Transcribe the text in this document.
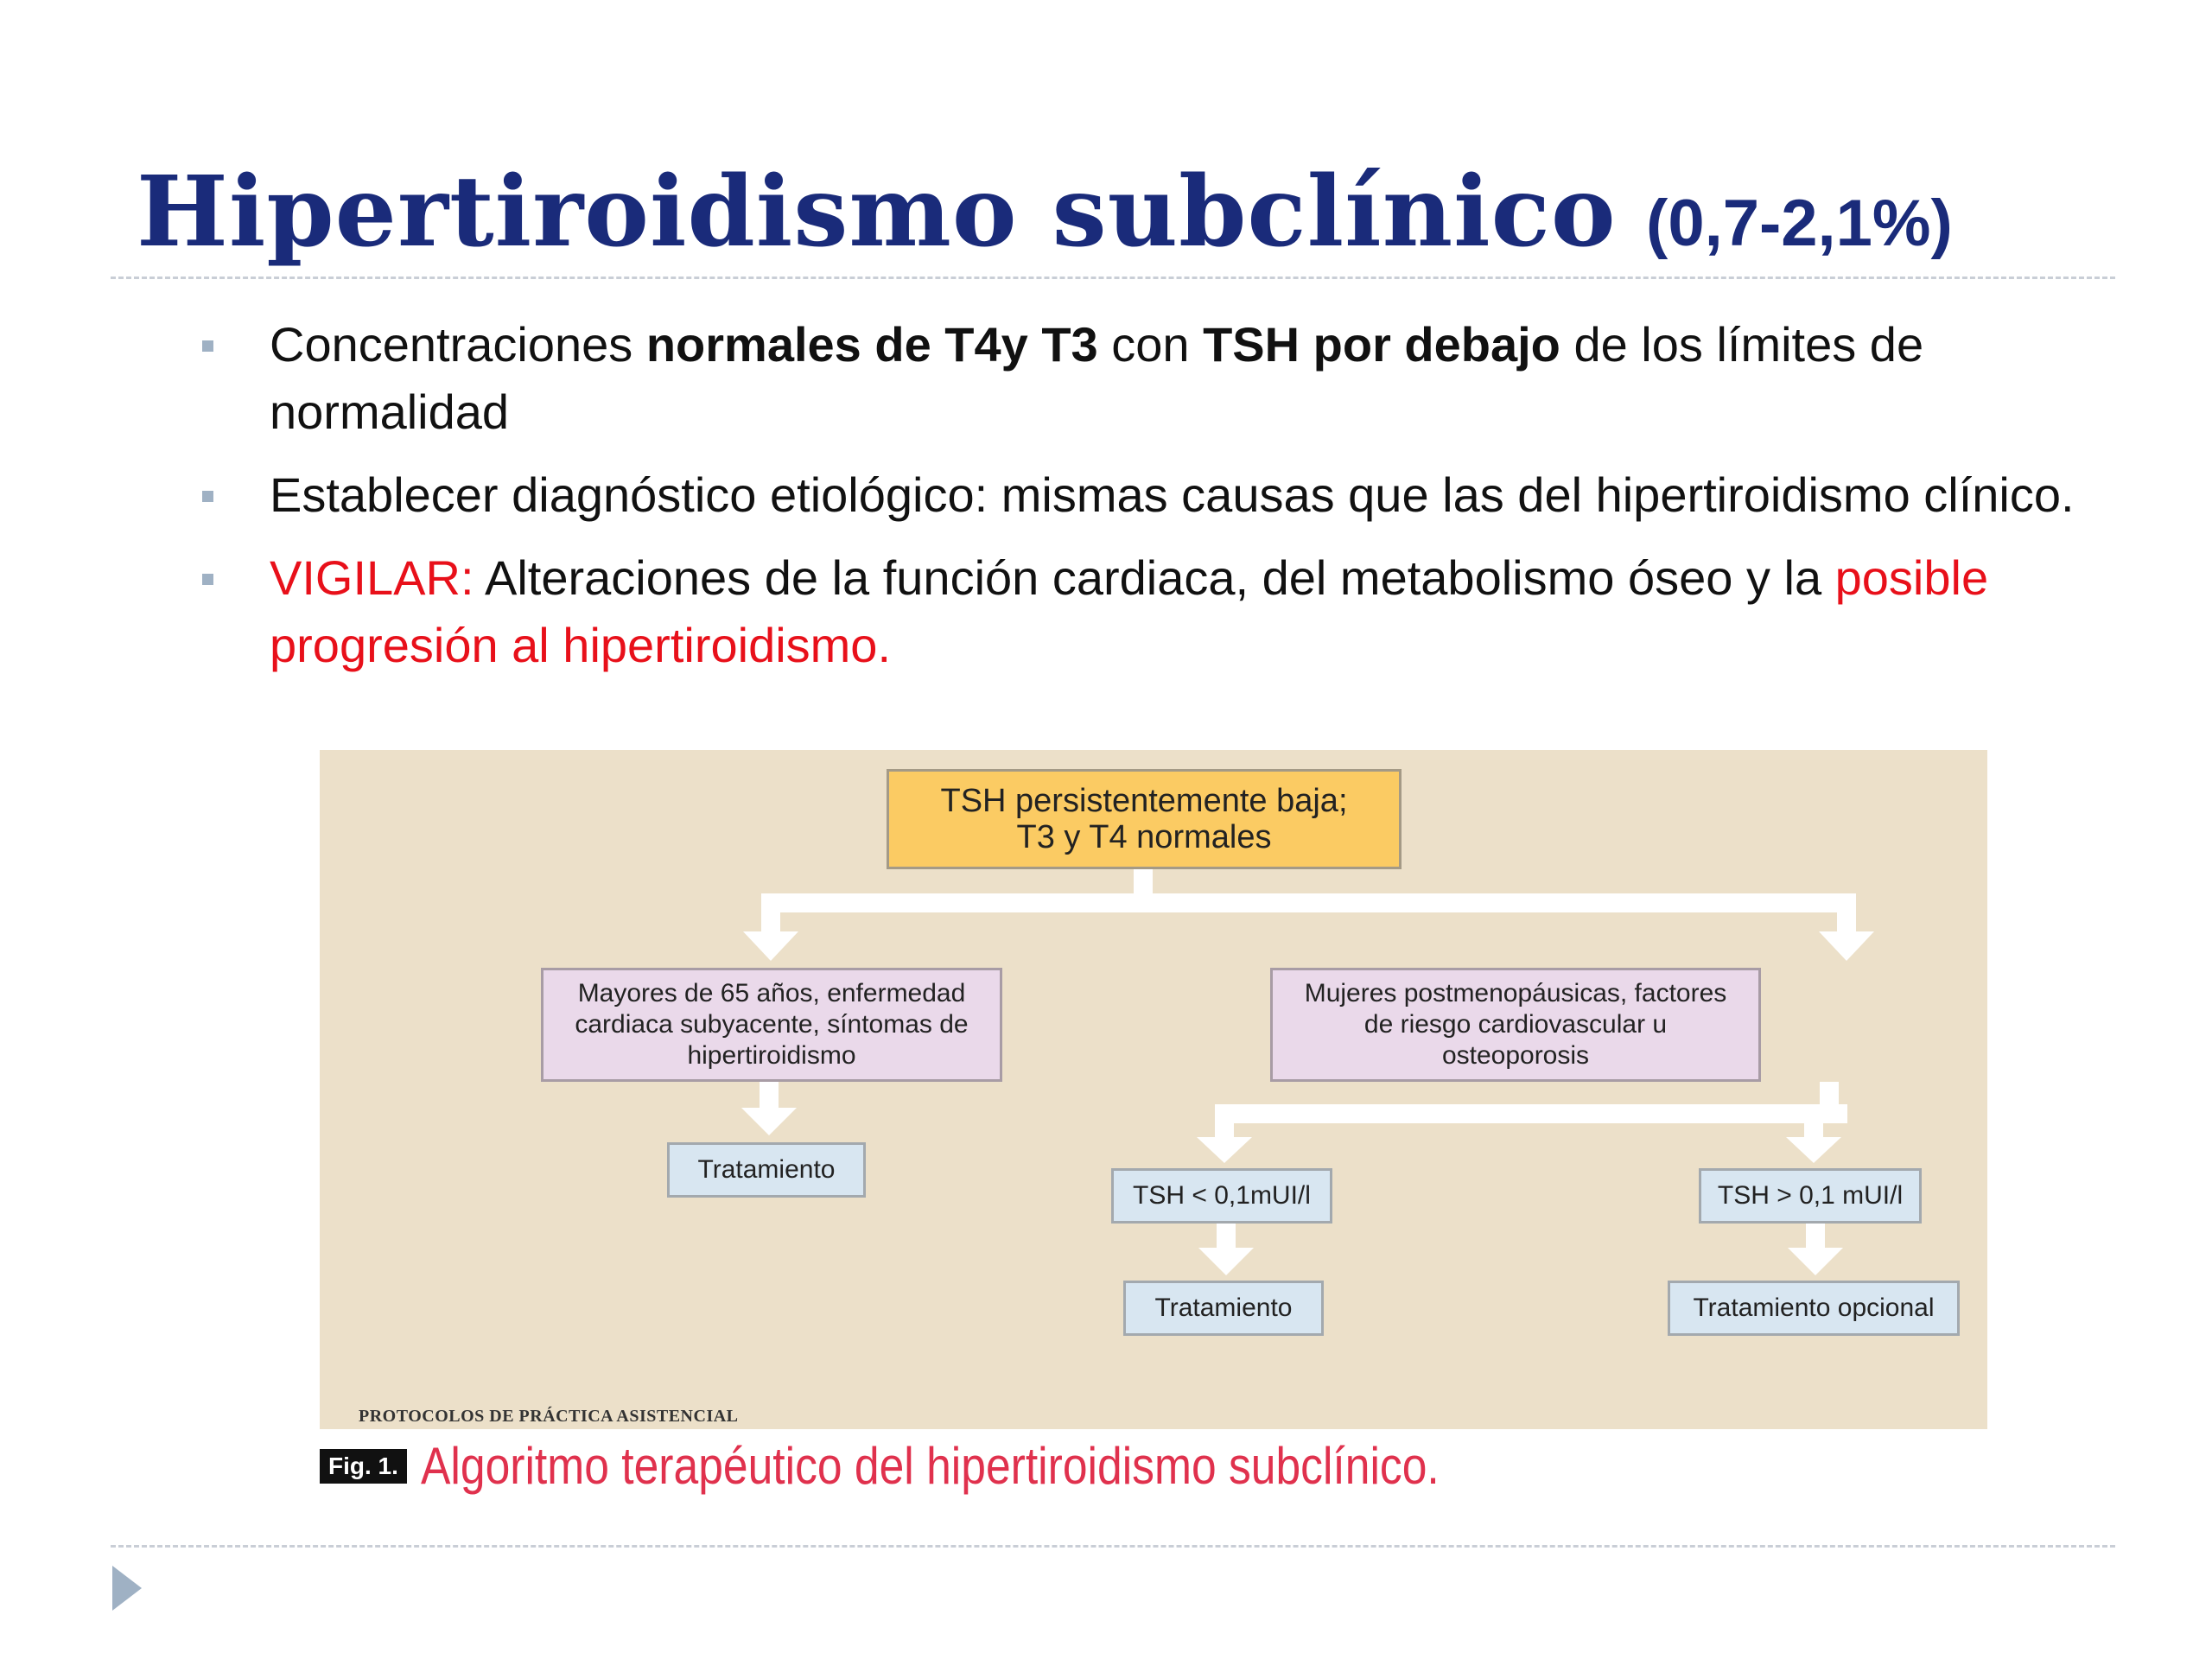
Hipertiroidismo subclínico (0,7-2,1%)
Concentraciones normales de T4y T3 con TSH por debajo de los límites de normalidad
Establecer diagnóstico etiológico: mismas causas que las del hipertiroidismo clínico.
VIGILAR: Alteraciones de la función cardiaca, del metabolismo óseo y la posible progresión al hipertiroidismo.
TSH persistentemente baja;
T3 y T4 normales
Mayores de 65 años, enfermedad
cardiaca subyacente, síntomas de
hipertiroidismo
Mujeres postmenopáusicas, factores
de riesgo cardiovascular u
osteoporosis
Tratamiento
TSH < 0,1mUI/l	TSH > 0,1 mUI/l
Tratamiento	Tratamiento opcional
PROTOCOLOS DE PRÁCTICA ASISTENCIAL
Fig. 1. Algoritmo terapéutico del hipertiroidismo subclínico.
